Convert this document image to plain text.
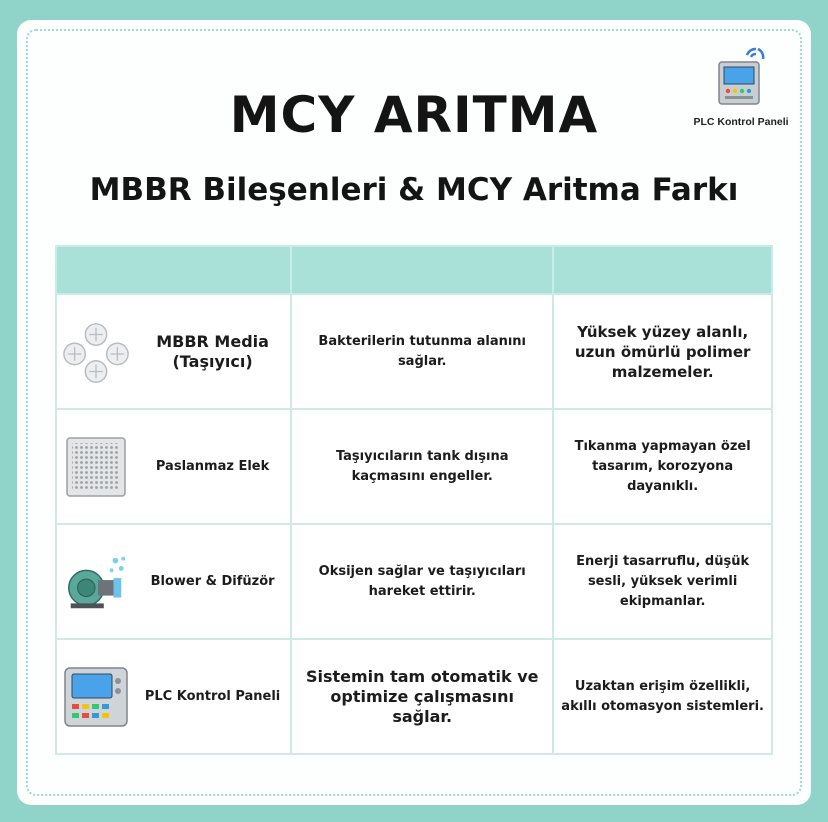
MCY ARITMA
MBBR Bileşenleri & MCY Aritma Farkı
PLC Kontrol Paneli

MBBR Media (Taşıyıcı)	Bakterilerin tutunma alanını sağlar.	Yüksek yüzey alanlı, uzun ömürlü polimer malzemeler.

Paslanmaz Elek	Taşıyıcıların tank dışına kaçmasını engeller.	Tıkanma yapmayan özel tasarım, korozyona dayanıklı.

Blower & Difüzör	Oksijen sağlar ve taşıyıcıları hareket ettirir.	Enerji tasarruflu, düşük sesli, yüksek verimli ekipmanlar.

PLC Kontrol Paneli	Sistemin tam otomatik ve optimize çalışmasını sağlar.	Uzaktan erişim özellikli, akıllı otomasyon sistemleri.
